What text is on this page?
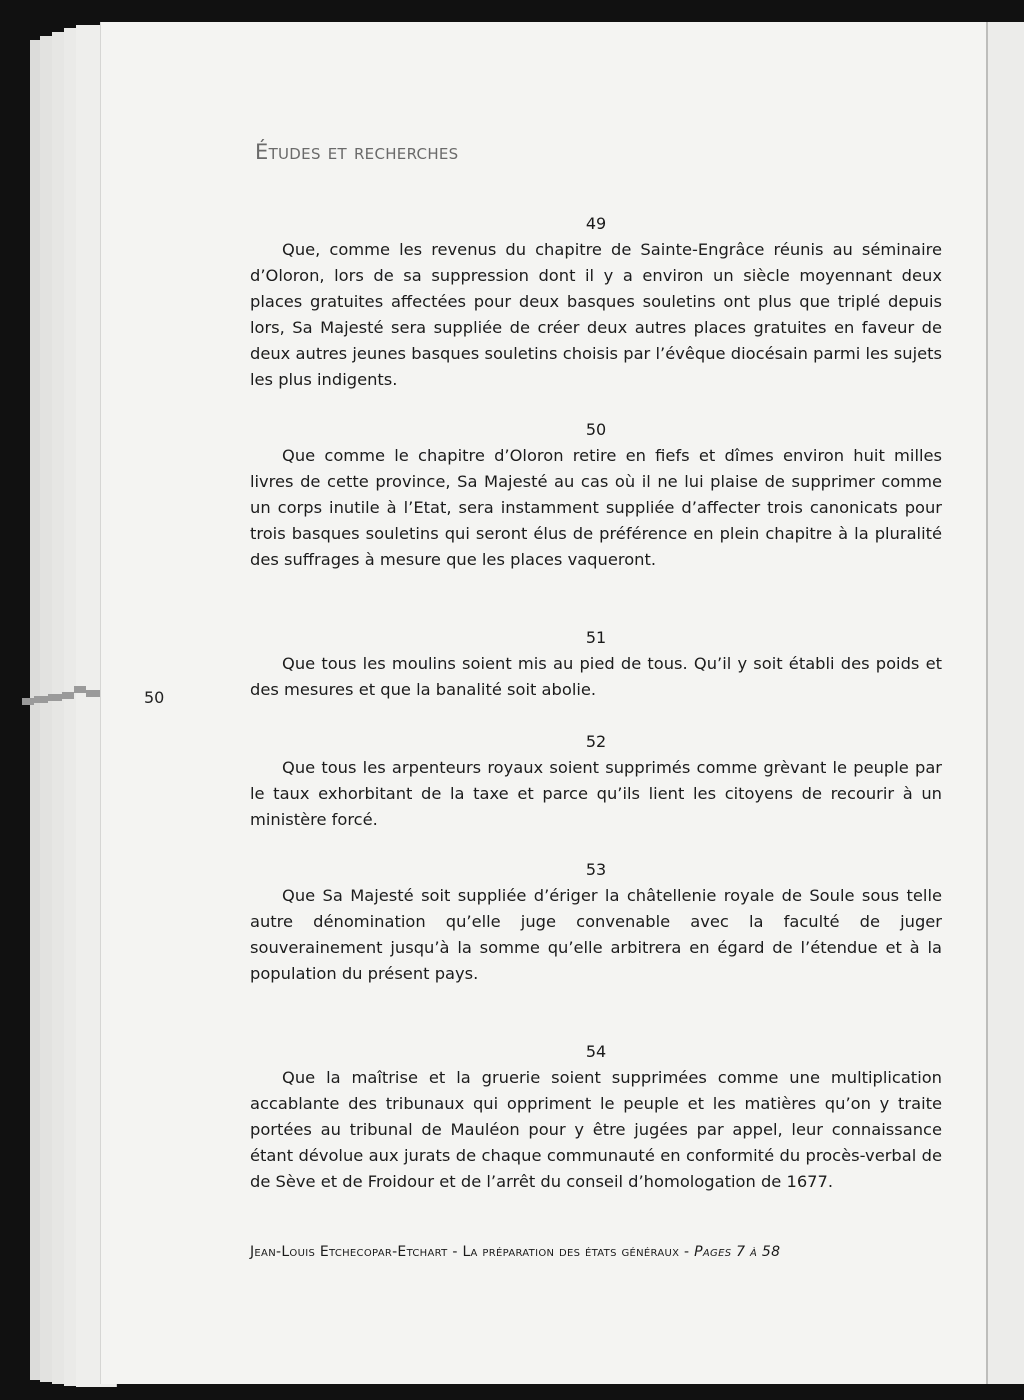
50
Études et recherches
49

Que, comme les revenus du chapitre de Sainte-Engrâce réunis au séminaire d’Oloron, lors de sa suppression dont il y a environ un siècle moyennant deux places gratuites affectées pour deux basques souletins ont plus que triplé depuis lors, Sa Majesté sera suppliée de créer deux autres places gratuites en faveur de deux autres jeunes basques souletins choisis par l’évêque diocésain parmi les sujets les plus indigents.

50

Que comme le chapitre d’Oloron retire en fiefs et dîmes environ huit milles livres de cette province, Sa Majesté au cas où il ne lui plaise de supprimer comme un corps inutile à l’Etat, sera instamment suppliée d’affecter trois canonicats pour trois basques souletins qui seront élus de préférence en plein chapitre à la pluralité des suffrages à mesure que les places vaqueront.

51

Que tous les moulins soient mis au pied de tous. Qu’il y soit établi des poids et des mesures et que la banalité soit abolie.

52

Que tous les arpenteurs royaux soient supprimés comme grèvant le peuple par le taux exhorbitant de la taxe et parce qu’ils lient les citoyens de recourir à un ministère forcé.

53

Que Sa Majesté soit suppliée d’ériger la châtellenie royale de Soule sous telle autre dénomination qu’elle juge convenable avec la faculté de juger souverainement jusqu’à la somme qu’elle arbitrera en égard de l’étendue et à la population du présent pays.

54

Que la maîtrise et la gruerie soient supprimées comme une multiplication accablante des tribunaux qui oppriment le peuple et les matières qu’on y traite portées au tribunal de Mauléon pour y être jugées par appel, leur connaissance étant dévolue aux jurats de chaque communauté en conformité du procès-verbal de de Sève et de Froidour et de l’arrêt du conseil d’homologation de 1677.

Jean-Louis Etchecopar-Etchart - La préparation des états généraux - Pages 7 à 58
